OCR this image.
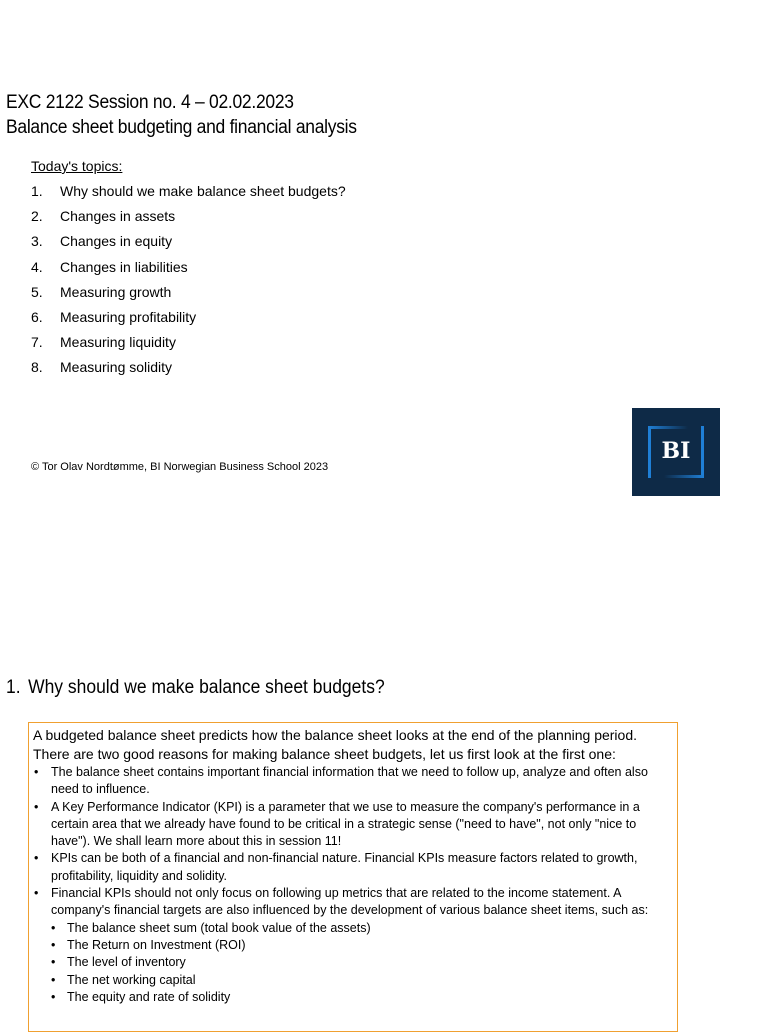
EXC 2122 Session no. 4 – 02.02.2023
Balance sheet budgeting and financial analysis
Today's topics:
1. Why should we make balance sheet budgets?
2. Changes in assets
3. Changes in equity
4. Changes in liabilities
5. Measuring growth
6. Measuring profitability
7. Measuring liquidity
8. Measuring solidity
© Tor Olav Nordtømme, BI Norwegian Business School 2023
BI
1. Why should we make balance sheet budgets?

A budgeted balance sheet predicts how the balance sheet looks at the end of the planning period.

There are two good reasons for making balance sheet budgets, let us first look at the first one:

• The balance sheet contains important financial information that we need to follow up, analyze and often also need to influence.
• A Key Performance Indicator (KPI) is a parameter that we use to measure the company's performance in a certain area that we already have found to be critical in a strategic sense ("need to have", not only "nice to have"). We shall learn more about this in session 11!
• KPIs can be both of a financial and non-financial nature. Financial KPIs measure factors related to growth, profitability, liquidity and solidity.
• Financial KPIs should not only focus on following up metrics that are related to the income statement. A company's financial targets are also influenced by the development of various balance sheet items, such as:
• The balance sheet sum (total book value of the assets)
• The Return on Investment (ROI)
• The level of inventory
• The net working capital
• The equity and rate of solidity
